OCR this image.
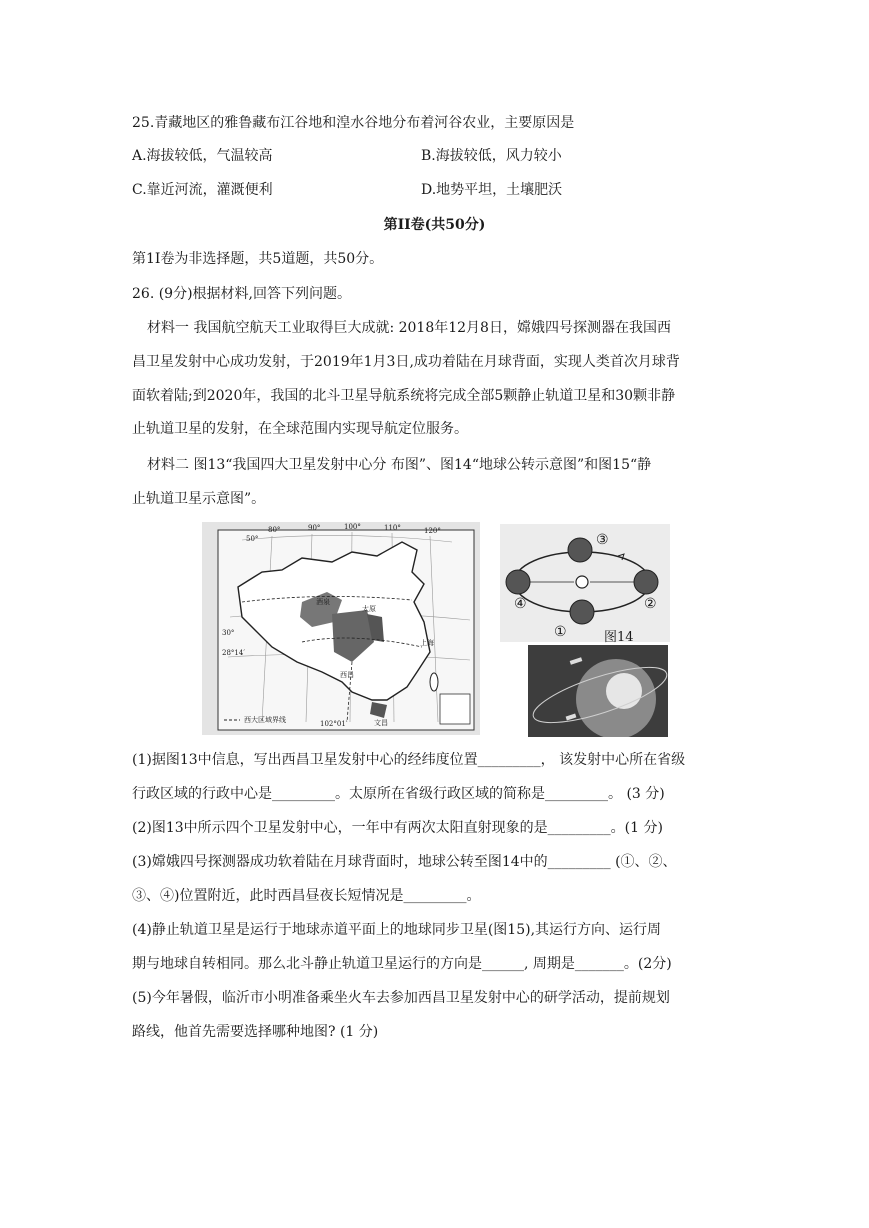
25.青藏地区的雅鲁藏布江谷地和湟水谷地分布着河谷农业，主要原因是
A.海拔较低，气温较高	B.海拔较低，风力较小
C.靠近河流，灌溉便利	D.地势平坦，土壤肥沃
第II卷(共50分)
第1I卷为非选择题，共5道题，共50分。
26. (9分)根据材料,回答下列问题。
材料一 我国航空航天工业取得巨大成就: 2018年12月8日，嫦娥四号探测器在我国西
昌卫星发射中心成功发射，于2019年1月3日,成功着陆在月球背面，实现人类首次月球背
面软着陆;到2020年，我国的北斗卫星导航系统将完成全部5颗静止轨道卫星和30颗非静
止轨道卫星的发射，在全球范围内实现导航定位服务。
材料二 图13“我国四大卫星发射中心分 布图”、图14“地球公转示意图”和图15“静
止轨道卫星示意图”。
50°
30°
28°14′
80°	90°	100°	110°	120°
酒泉
太原
西昌
文昌
上海
西大区域界线	102°01′
③
②
④
①	图14
(1)据图13中信息，写出西昌卫星发射中心的经纬度位置_________， 该发射中心所在省级
行政区域的行政中心是_________。太原所在省级行政区域的简称是_________。 (3 分)
(2)图13中所示四个卫星发射中心，一年中有两次太阳直射现象的是_________。(1 分)
(3)嫦娥四号探测器成功软着陆在月球背面时，地球公转至图14中的_________ (①、②、
③、④)位置附近，此时西昌昼夜长短情况是_________。
(4)静止轨道卫星是运行于地球赤道平面上的地球同步卫星(图15),其运行方向、运行周
期与地球自转相同。那么北斗静止轨道卫星运行的方向是______, 周期是_______。(2分)
(5)今年暑假，临沂市小明准备乘坐火车去参加西昌卫星发射中心的研学活动，提前规划
路线，他首先需要选择哪种地图? (1 分)
